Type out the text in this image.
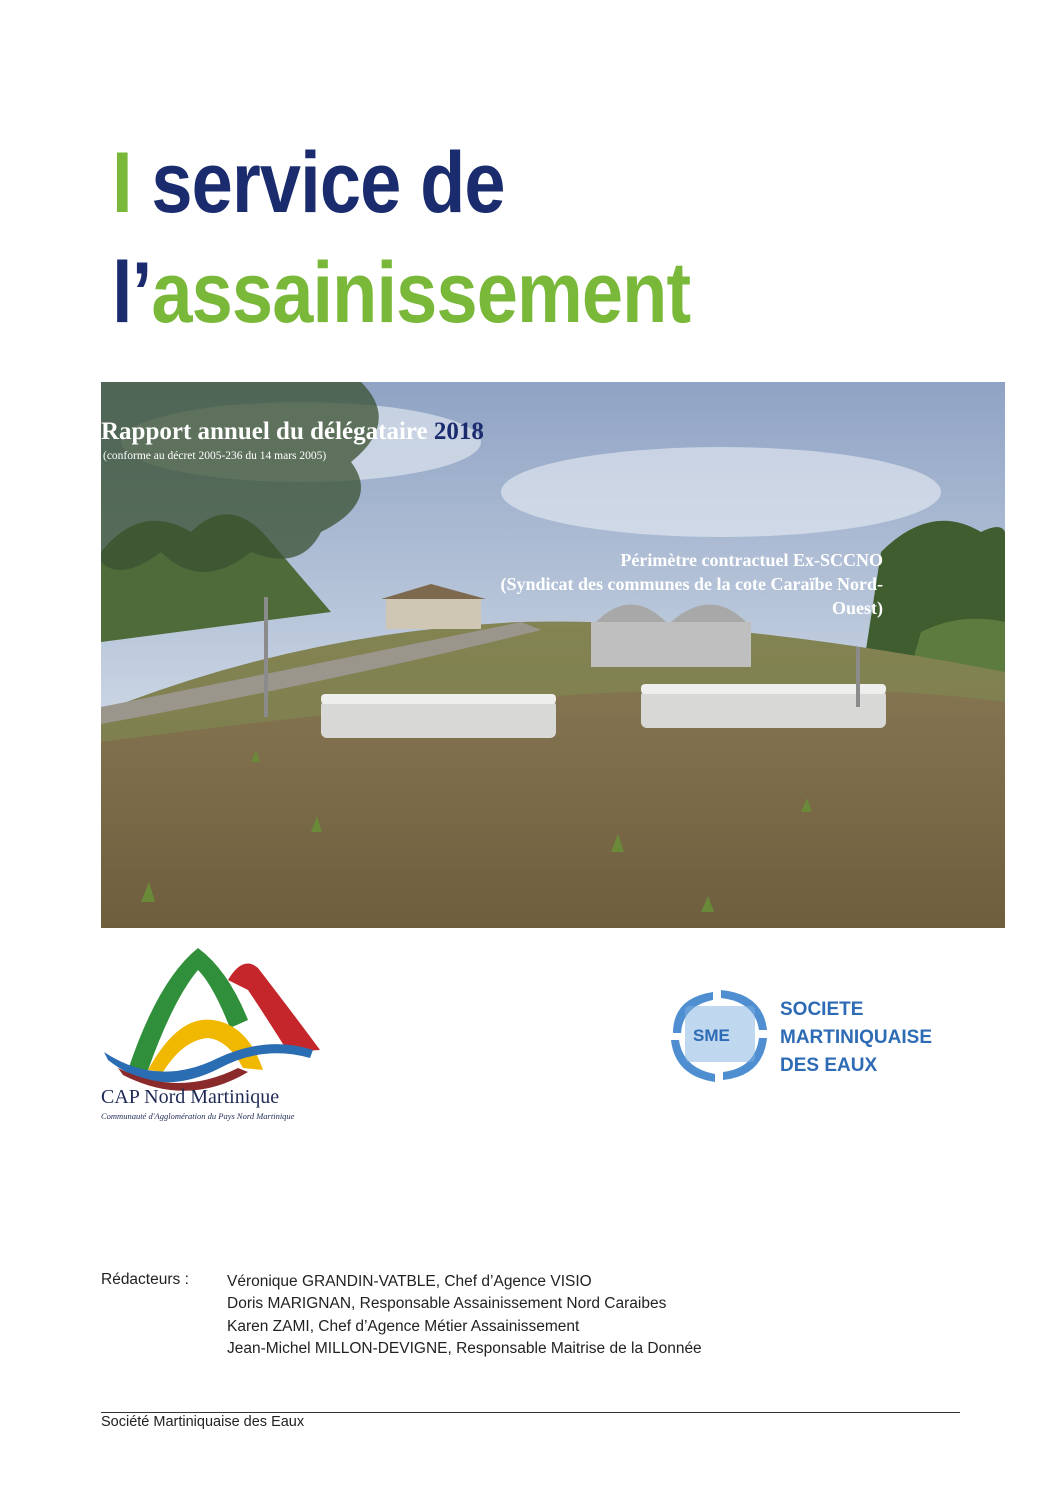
I service de
l’assainissement
Rapport annuel du délégataire 2018
(conforme au décret 2005-236 du 14 mars 2005)
Périmètre contractuel Ex-SCCNO
(Syndicat des communes de la cote Caraïbe Nord-
Ouest)
CAP Nord Martinique
Communauté d'Agglomération du Pays Nord Martinique
SME
SOCIETE
MARTINIQUAISE
DES EAUX
Rédacteurs : Véronique GRANDIN-VATBLE, Chef d’Agence VISIO
Doris MARIGNAN, Responsable Assainissement Nord Caraibes
Karen ZAMI, Chef d’Agence Métier Assainissement
Jean-Michel MILLON-DEVIGNE, Responsable Maitrise de la Donnée
Société Martiniquaise des Eaux
